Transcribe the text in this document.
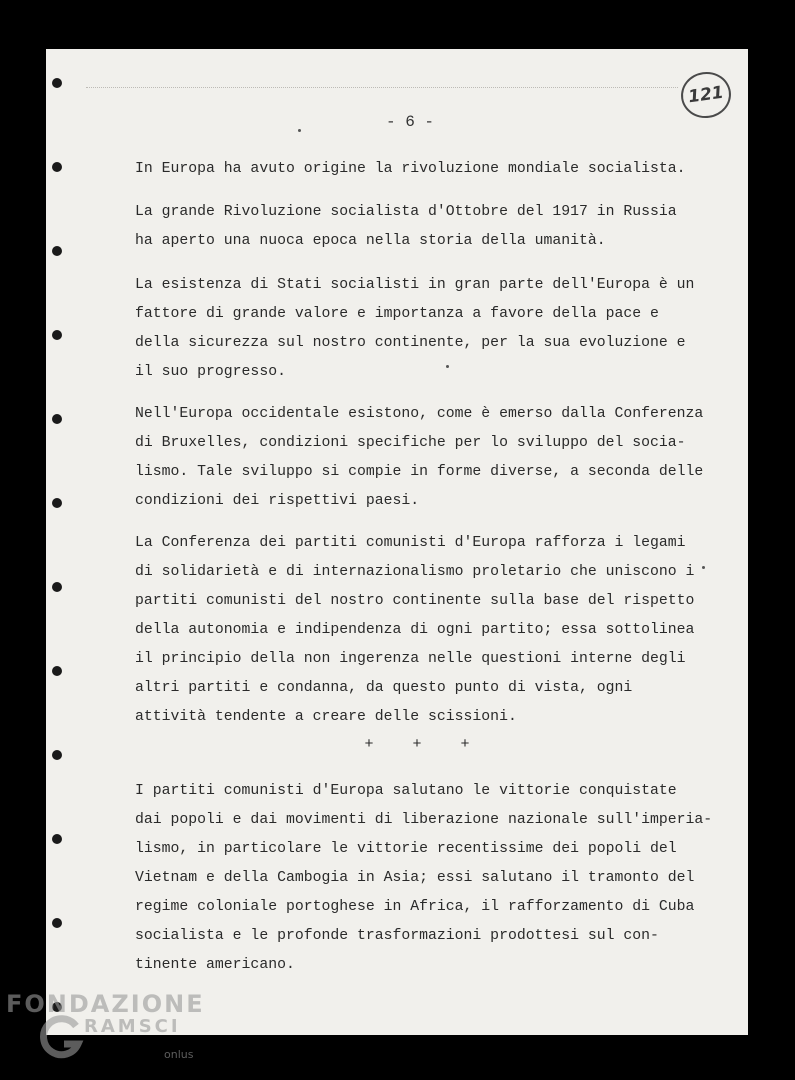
- 6 -
121
In Europa ha avuto origine la rivoluzione mondiale socialista.
La grande Rivoluzione socialista d'Ottobre del 1917 in Russia
ha aperto una nuoca epoca nella storia della umanità.
La esistenza di Stati socialisti in gran parte dell'Europa è un
fattore di grande valore e importanza a favore della pace e
della sicurezza sul nostro continente, per la sua evoluzione e
il suo progresso.
Nell'Europa occidentale esistono, come è emerso dalla Conferenza
di Bruxelles, condizioni specifiche per lo sviluppo del socia-
lismo. Tale sviluppo si compie in forme diverse, a seconda delle
condizioni dei rispettivi paesi.
La Conferenza dei partiti comunisti d'Europa rafforza i legami
di solidarietà e di internazionalismo proletario che uniscono i
partiti comunisti del nostro continente sulla base del rispetto
della autonomia e indipendenza di ogni partito; essa sottolinea
il principio della non ingerenza nelle questioni interne degli
altri partiti e condanna, da questo punto di vista, ogni
attività tendente a creare delle scissioni.
+	+	+
I partiti comunisti d'Europa salutano le vittorie conquistate
dai popoli e dai movimenti di liberazione nazionale sull'imperia-
lismo, in particolare le vittorie recentissime dei popoli del
Vietnam e della Cambogia in Asia; essi salutano il tramonto del
regime coloniale portoghese in Africa, il rafforzamento di Cuba
socialista e le profonde trasformazioni prodottesi sul con-
tinente americano.
FONDAZIONE
RAMSCI
onlus
